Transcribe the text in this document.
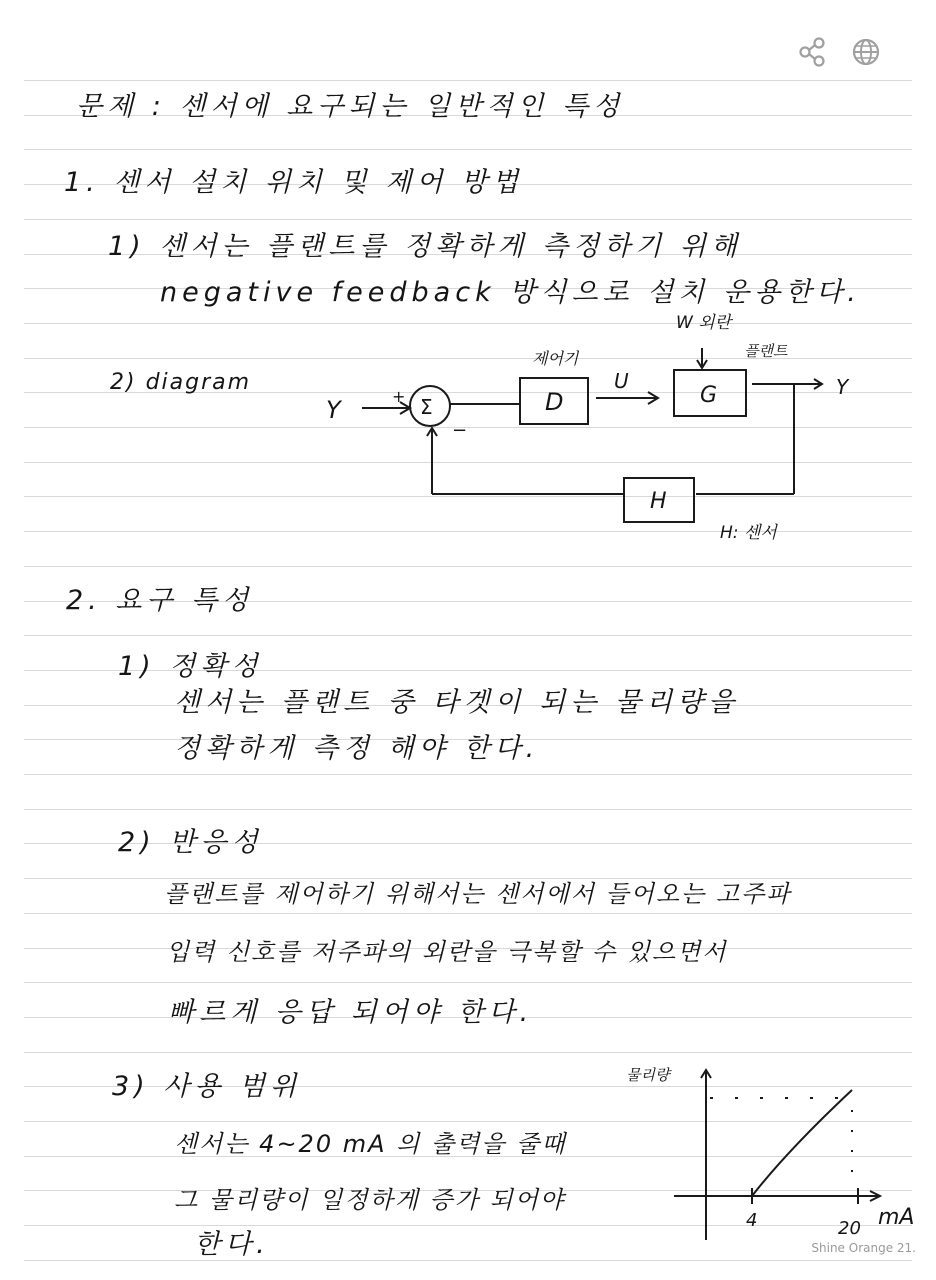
문제 : 센서에 요구되는 일반적인 특성
1. 센서 설치 위치 및 제어 방법
1) 센서는 플랜트를 정확하게 측정하기 위해
negative feedback 방식으로 설치 운용한다.
2) diagram
Y	+ Σ
−
제어기
D
U
W 외란
플랜트
G	Y
H
H: 센서
2. 요구 특성
1) 정확성
센서는 플랜트 중 타겟이 되는 물리량을
정확하게 측정 해야 한다.
2) 반응성
플랜트를 제어하기 위해서는 센서에서 들어오는 고주파
입력 신호를 저주파의 외란을 극복할 수 있으면서
빠르게 응답 되어야 한다.
3) 사용 범위
센서는 4~20 mA 의 출력을 줄때
그 물리량이 일정하게 증가 되어야
한다.
물리량
4	20 mA
Shine Orange 21.
